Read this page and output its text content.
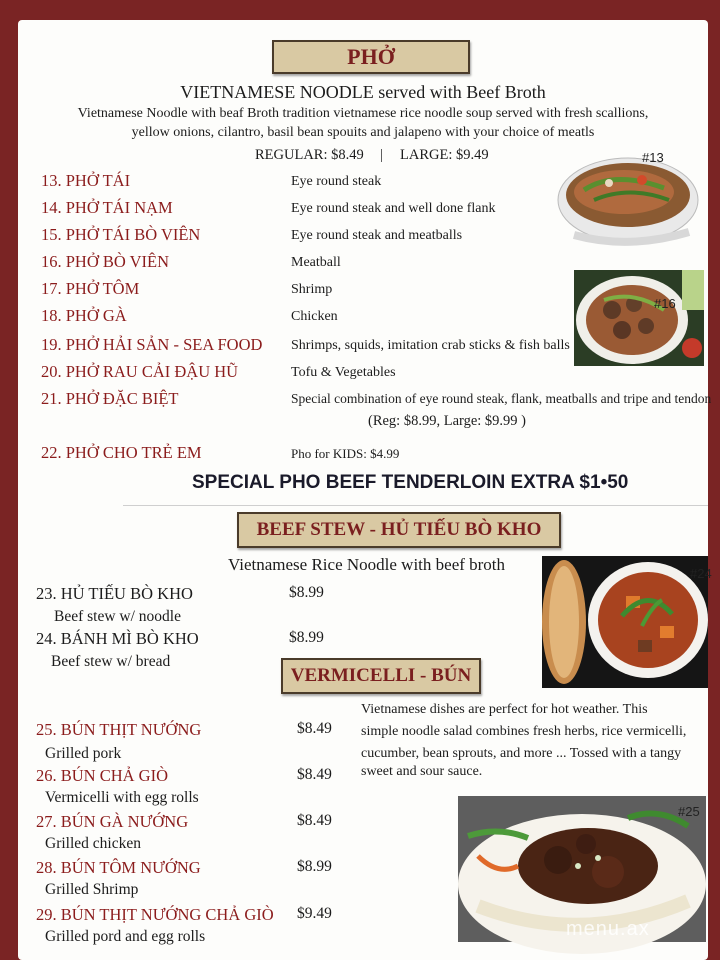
PHỞ
VIETNAMESE NOODLE served with Beef Broth
Vietnamese Noodle with beaf Broth tradition vietnamese rice noodle soup served with fresh scallions,
yellow onions, cilantro, basil bean spouits and jalapeno with your choice of meatls
REGULAR: $8.49 | LARGE: $9.49
13. PHỞ TÁI	Eye round steak
14. PHỞ TÁI NẠM	Eye round steak and well done flank
15. PHỞ TÁI BÒ VIÊN	Eye round steak and meatballs
16. PHỞ BÒ VIÊN	Meatball
17. PHỞ TÔM	Shrimp
18. PHỞ GÀ	Chicken
19. PHỞ HẢI SẢN - SEA FOOD Shrimps, squids, imitation crab sticks & fish balls
20. PHỞ RAU CẢI ĐẬU HŨ	Tofu & Vegetables
21. PHỞ ĐẶC BIỆT	Special combination of eye round steak, flank, meatballs and tripe and tendon
(Reg: $8.99, Large: $9.99 )
22. PHỞ CHO TRẺ EM	Pho for KIDS: $4.99
#13
#16
SPECIAL PHO BEEF TENDERLOIN EXTRA $1•50
BEEF STEW - HỦ TIẾU BÒ KHO
Vietnamese Rice Noodle with beef broth
23. HỦ TIẾU BÒ KHO	$8.99
Beef stew w/ noodle
24. BÁNH MÌ BÒ KHO	$8.99
Beef stew w/ bread
#24
VERMICELLI - BÚN
Vietnamese dishes are perfect for hot weather. This
simple noodle salad combines fresh herbs, rice vermicelli,
cucumber, bean sprouts, and more ... Tossed with a tangy
sweet and sour sauce.
25. BÚN THỊT NƯỚNG	$8.49
Grilled pork
26. BÚN CHẢ GIÒ	$8.49
Vermicelli with egg rolls
27. BÚN GÀ NƯỚNG	$8.49
Grilled chicken
28. BÚN TÔM NƯỚNG	$8.99
Grilled Shrimp
29. BÚN THỊT NƯỚNG CHẢ GIÒ $9.49
Grilled pord and egg rolls
#25
menu.ax
